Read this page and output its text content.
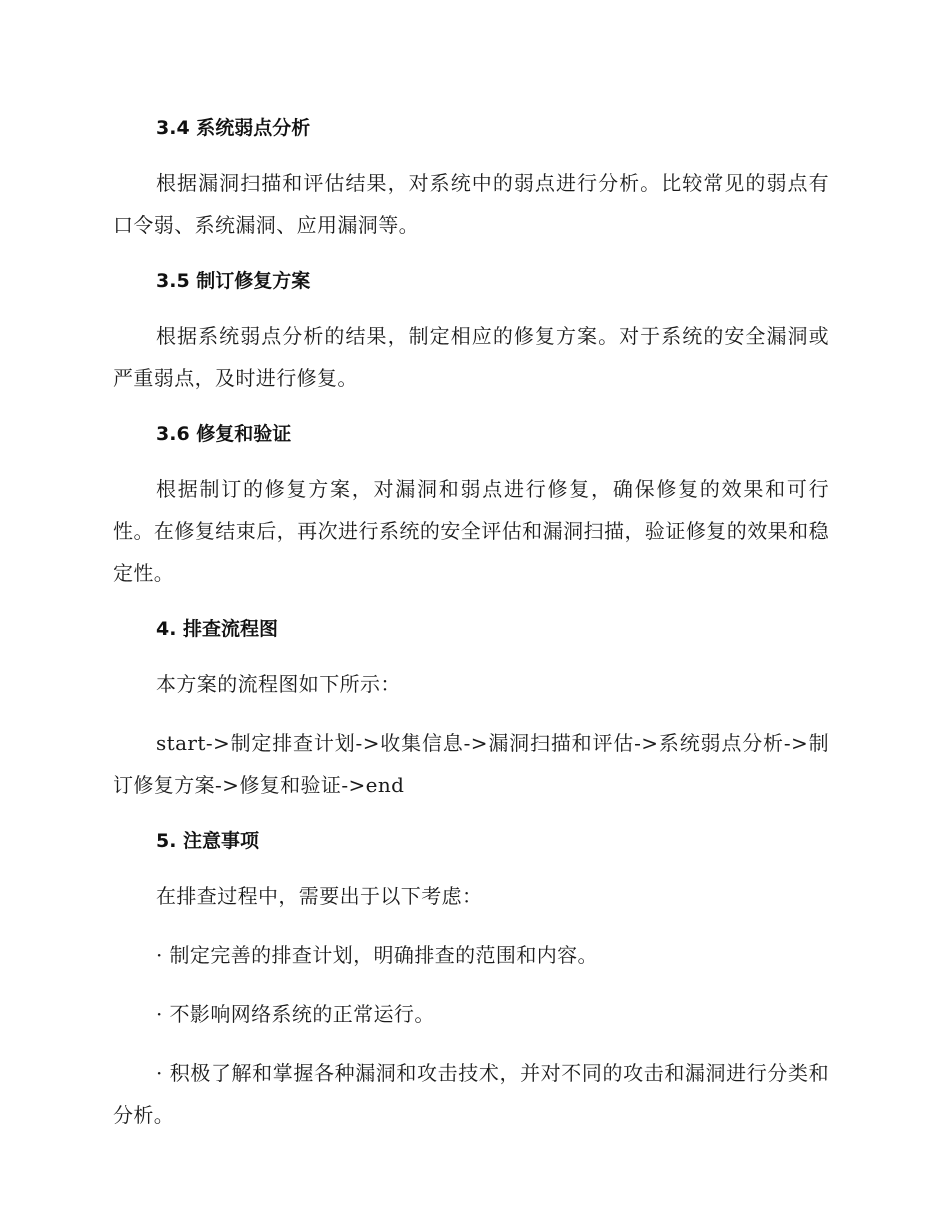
3.4 系统弱点分析
根据漏洞扫描和评估结果，对系统中的弱点进行分析。比较常见的弱点有口令弱、系统漏洞、应用漏洞等。
3.5 制订修复方案
根据系统弱点分析的结果，制定相应的修复方案。对于系统的安全漏洞或严重弱点，及时进行修复。
3.6 修复和验证
根据制订的修复方案，对漏洞和弱点进行修复，确保修复的效果和可行性。在修复结束后，再次进行系统的安全评估和漏洞扫描，验证修复的效果和稳定性。
4. 排查流程图
本方案的流程图如下所示：
start->制定排查计划->收集信息->漏洞扫描和评估->系统弱点分析->制订修复方案->修复和验证->end
5. 注意事项
在排查过程中，需要出于以下考虑：
· 制定完善的排查计划，明确排查的范围和内容。
· 不影响网络系统的正常运行。
· 积极了解和掌握各种漏洞和攻击技术，并对不同的攻击和漏洞进行分类和分析。
